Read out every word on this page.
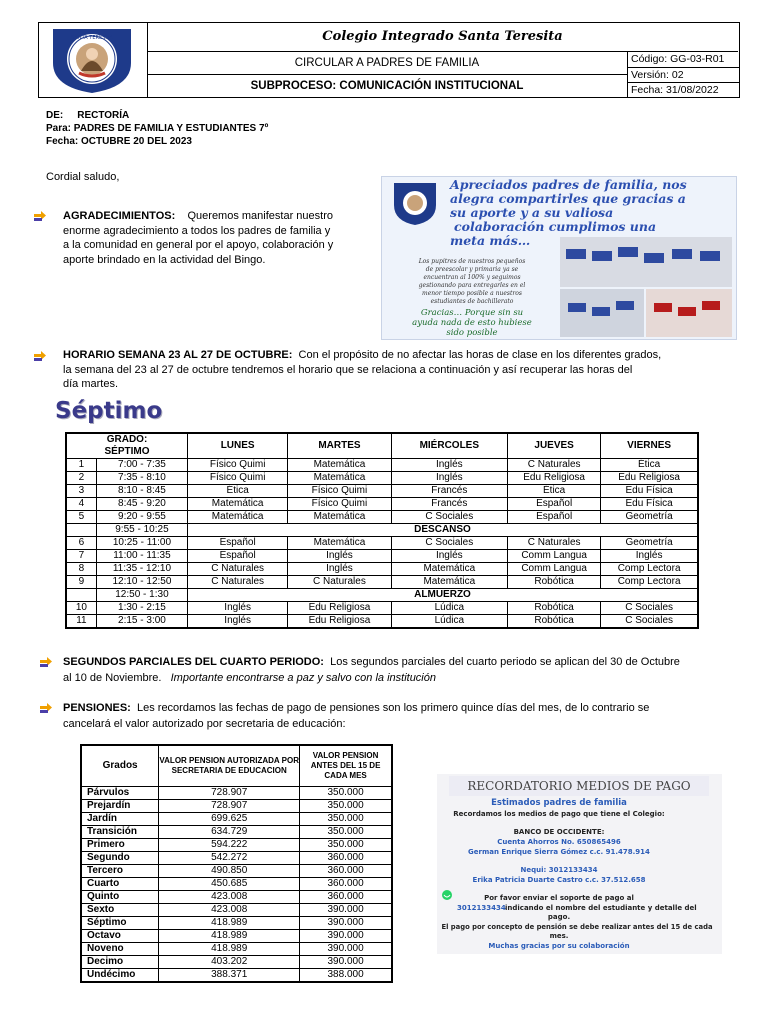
SANTA TERESITA	Colegio Integrado Santa Teresita
CIRCULAR A PADRES DE FAMILIA
SUBPROCESO: COMUNICACIÓN INSTITUCIONAL
Código: GG-03-R01
Versión: 02
Fecha: 31/08/2022
DE: RECTORÍA
Para: PADRES DE FAMILIA Y ESTUDIANTES 7º
Fecha: OCTUBRE 20 DEL 2023
Cordial saludo,

AGRADECIMIENTOS: Queremos manifestar nuestro

enorme agradecimiento a todos los padres de familia y

a la comunidad en general por el apoyo, colaboración y

aporte brindado en la actividad del Bingo.

Apreciados padres de familia, nos
alegra compartirles que gracias a
su aporte y a su valiosa
colaboración cumplimos una
meta más…
Los pupitres de nuestros pequeños
de preescolar y primaria ya se
encuentran al 100% y seguimos
gestionando para entregarles en el
menor tiempo posible a nuestros
estudiantes de bachillerato
Gracias… Porque sin su
ayuda nada de esto hubiese
sido posible

HORARIO SEMANA 23 AL 27 DE OCTUBRE: Con el propósito de no afectar las horas de clase en los diferentes grados,

la semana del 23 al 27 de octubre tendremos el horario que se relaciona a continuación y así recuperar las horas del

día martes.

Séptimo
GRADO:
SÉPTIMO		LUNES	MARTES	MIÉRCOLES	JUEVES	VIERNES
1	7:00 - 7:35	Físico Quimi	Matemática	Inglés	C Naturales	Ética
2	7:35 - 8:10	Físico Quimi	Matemática	Inglés	Edu Religiosa	Edu Religiosa
3	8:10 - 8:45	Ética	Físico Quimi	Francés	Ética	Edu Física
4	8:45 - 9:20	Matemática	Físico Quimi	Francés	Español	Edu Física
5	9:20 - 9:55	Matemática	Matemática	C Sociales	Español	Geometría
	9:55 - 10:25	DESCANSO				
6	10:25 - 11:00	Español	Matemática	C Sociales	C Naturales	Geometría
7	11:00 - 11:35	Español	Inglés	Inglés	Comm Langua	Inglés
8	11:35 - 12:10	C Naturales	Inglés	Matemática	Comm Langua	Comp Lectora
9	12:10 - 12:50	C Naturales	C Naturales	Matemática	Robótica	Comp Lectora
	12:50 - 1:30	ALMUERZO				
10	1:30 - 2:15	Inglés	Edu Religiosa	Lúdica	Robótica	C Sociales
11	2:15 - 3:00	Inglés	Edu Religiosa	Lúdica	Robótica	C Sociales

SEGUNDOS PARCIALES DEL CUARTO PERIODO: Los segundos parciales del cuarto periodo se aplican del 30 de Octubre

al 10 de Noviembre. Importante encontrarse a paz y salvo con la institución

PENSIONES: Les recordamos las fechas de pago de pensiones son los primero quince días del mes, de lo contrario se

cancelará el valor autorizado por secretaria de educación:

Grados	VALOR PENSION AUTORIZADA POR SECRETARIA DE EDUCACION	VALOR PENSION ANTES DEL 15 DE CADA MES
Párvulos	728.907	350.000
Prejardín	728.907	350.000
Jardín	699.625	350.000
Transición	634.729	350.000
Primero	594.222	350.000
Segundo	542.272	360.000
Tercero	490.850	360.000
Cuarto	450.685	360.000
Quinto	423.008	360.000
Sexto	423.008	390.000
Séptimo	418.989	390.000
Octavo	418.989	390.000
Noveno	418.989	390.000
Decimo	403.202	390.000
Undécimo	388.371	388.000
RECORDATORIO MEDIOS DE PAGO
Estimados padres de familia
Recordamos los medios de pago que tiene el Colegio:
BANCO DE OCCIDENTE:
Cuenta Ahorros No. 650865496
German Enrique Sierra Gómez c.c. 91.478.914
Nequi: 3012133434
Erika Patricia Duarte Castro c.c. 37.512.658
Por favor enviar el soporte de pago al
3012133434 indicando el nombre del estudiante y detalle del
pago.
El pago por concepto de pensión se debe realizar antes del 15 de cada
mes.
Muchas gracias por su colaboración
